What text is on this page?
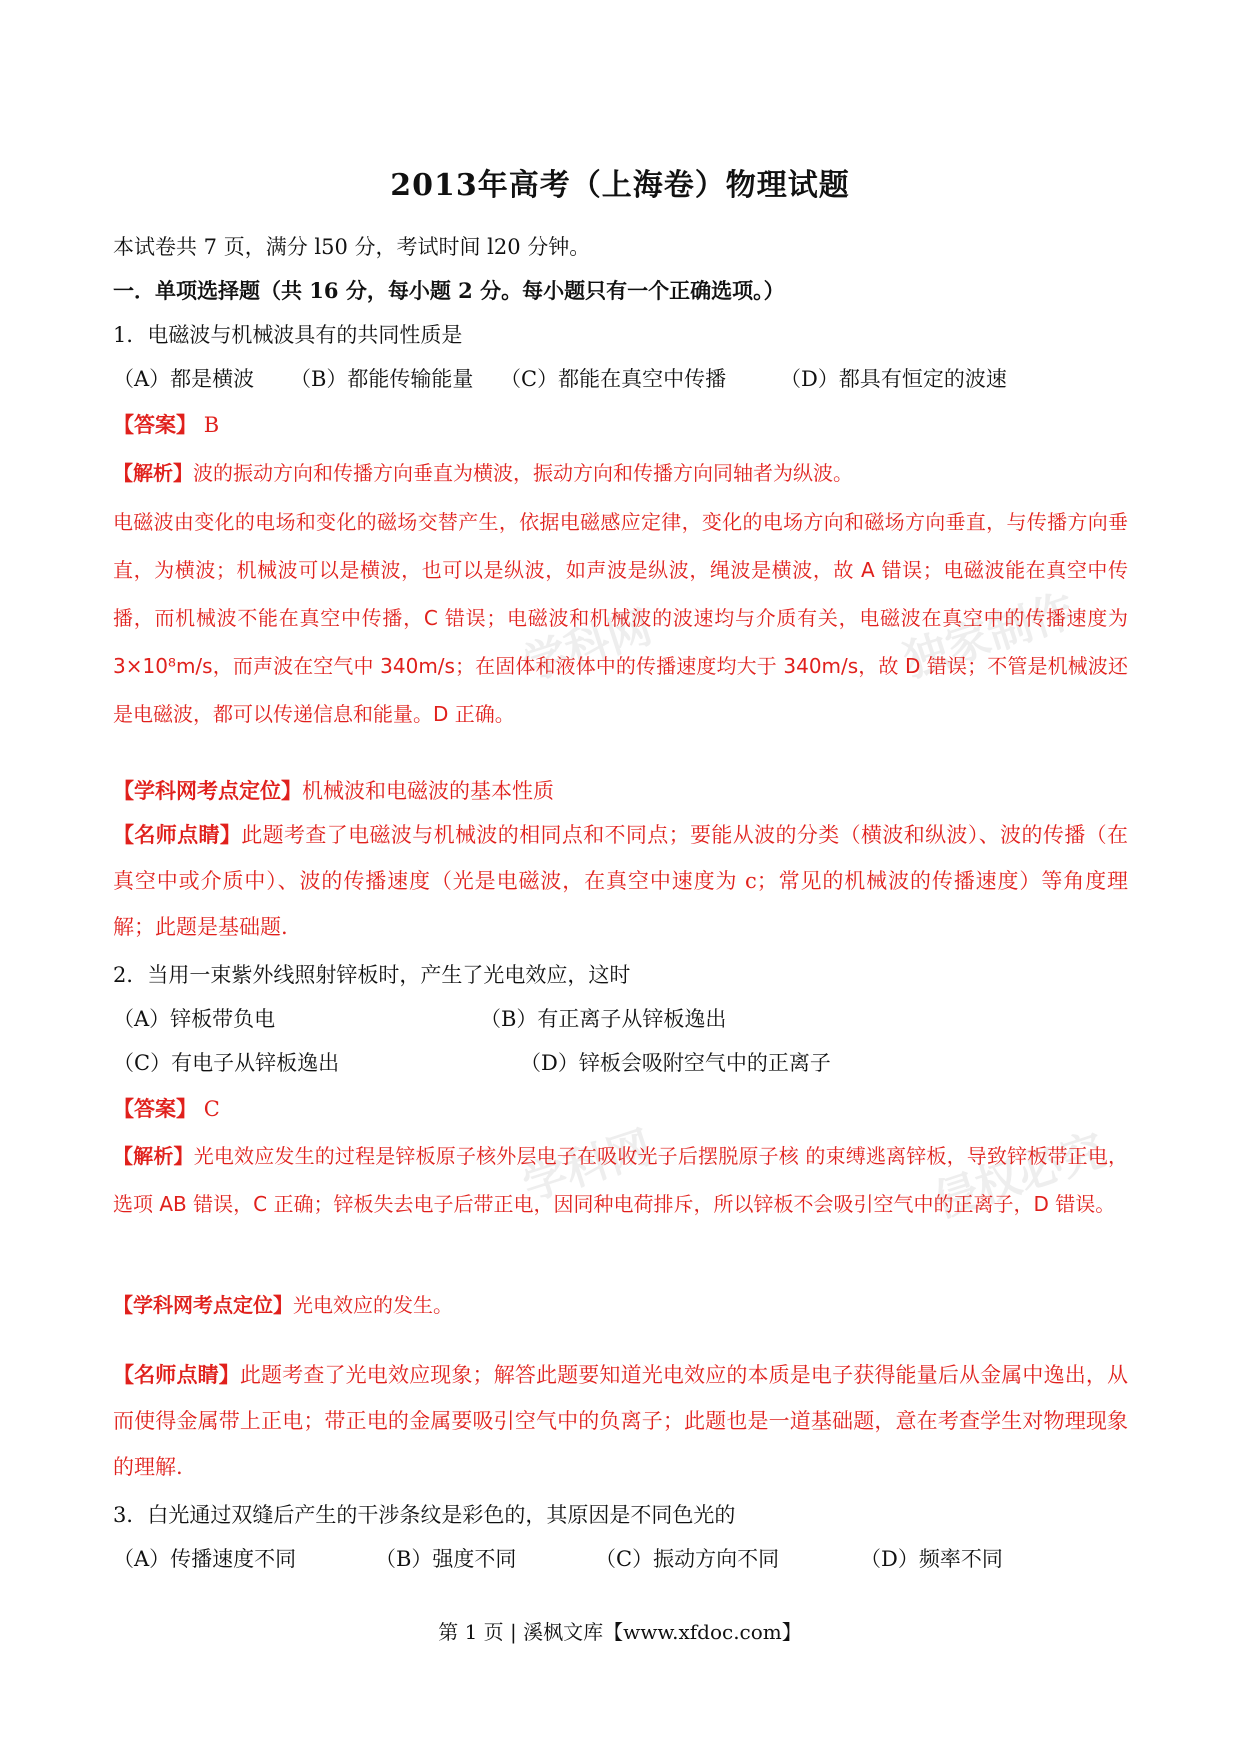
学科网	独家制作
学科网	侵权必究
2013年高考（上海卷）物理试题
本试卷共 7 页，满分 l50 分，考试时间 l20 分钟。
一．单项选择题（共 16 分，每小题 2 分。每小题只有一个正确选项。）
1．电磁波与机械波具有的共同性质是
（A）都是横波 （B）都能传输能量 （C）都能在真空中传播	（D）都具有恒定的波速
【答案】 B
【解析】波的振动方向和传播方向垂直为横波，振动方向和传播方向同轴者为纵波。
电磁波由变化的电场和变化的磁场交替产生，依据电磁感应定律，变化的电场方向和磁场方向垂直，与传播方向垂直，为横波；机械波可以是横波，也可以是纵波，如声波是纵波，绳波是横波，故 A 错误；电磁波能在真空中传播，而机械波不能在真空中传播，C 错误；电磁波和机械波的波速均与介质有关，电磁波在真空中的传播速度为 3×10⁸m/s，而声波在空气中 340m/s；在固体和液体中的传播速度均大于 340m/s，故 D 错误；不管是机械波还是电磁波，都可以传递信息和能量。D 正确。
【学科网考点定位】机械波和电磁波的基本性质
【名师点睛】此题考查了电磁波与机械波的相同点和不同点；要能从波的分类（横波和纵波）、波的传播（在真空中或介质中）、波的传播速度（光是电磁波，在真空中速度为 c；常见的机械波的传播速度）等角度理解；此题是基础题.
2．当用一束紫外线照射锌板时，产生了光电效应，这时
（A）锌板带负电	（B）有正离子从锌板逸出
（C）有电子从锌板逸出	（D）锌板会吸附空气中的正离子
【答案】 C
【解析】光电效应发生的过程是锌板原子核外层电子在吸收光子后摆脱原子核 的束缚逃离锌板，导致锌板带正电，选项 AB 错误，C 正确；锌板失去电子后带正电，因同种电荷排斥，所以锌板不会吸引空气中的正离子，D 错误。
【学科网考点定位】光电效应的发生。
【名师点睛】此题考查了光电效应现象；解答此题要知道光电效应的本质是电子获得能量后从金属中逸出，从而使得金属带上正电；带正电的金属要吸引空气中的负离子；此题也是一道基础题，意在考查学生对物理现象的理解.
3．白光通过双缝后产生的干涉条纹是彩色的，其原因是不同色光的
（A）传播速度不同	（B）强度不同	（C）振动方向不同	（D）频率不同
第 1 页 | 溪枫文库【www.xfdoc.com】
